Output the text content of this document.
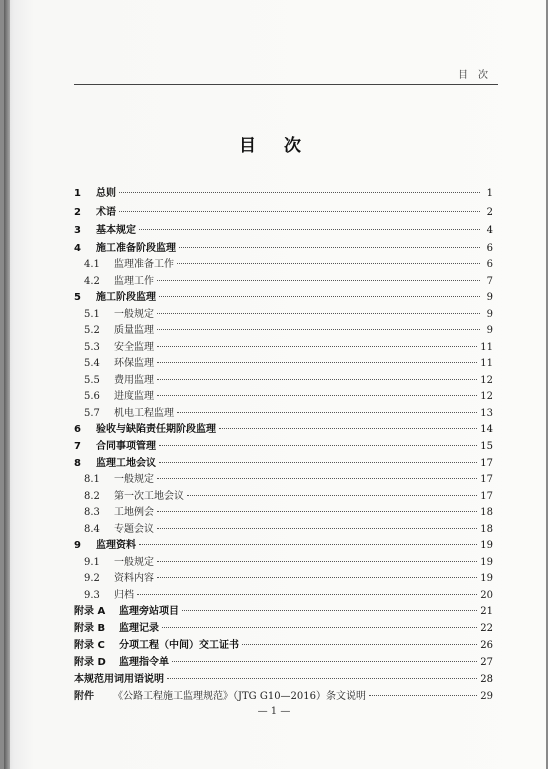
目次
目次
1	总则	1
2	术语	2
3	基本规定	4
4	施工准备阶段监理	6
4.1	监理准备工作	6
4.2	监理工作	7
5	施工阶段监理	9
5.1	一般规定	9
5.2	质量监理	9
5.3	安全监理	11
5.4	环保监理	11
5.5	费用监理	12
5.6	进度监理	12
5.7	机电工程监理	13
6	验收与缺陷责任期阶段监理	14
7	合同事项管理	15
8	监理工地会议	17
8.1	一般规定	17
8.2	第一次工地会议	17
8.3	工地例会	18
8.4	专题会议	18
9	监理资料	19
9.1	一般规定	19
9.2	资料内容	19
9.3	归档	20
附录 A	监理旁站项目	21
附录 B	监理记录	22
附录 C	分项工程（中间）交工证书	26
附录 D	监理指令单	27
本规范用词用语说明	28
附件	《公路工程施工监理规范》（JTG G10—2016）条文说明	29
— 1 —
